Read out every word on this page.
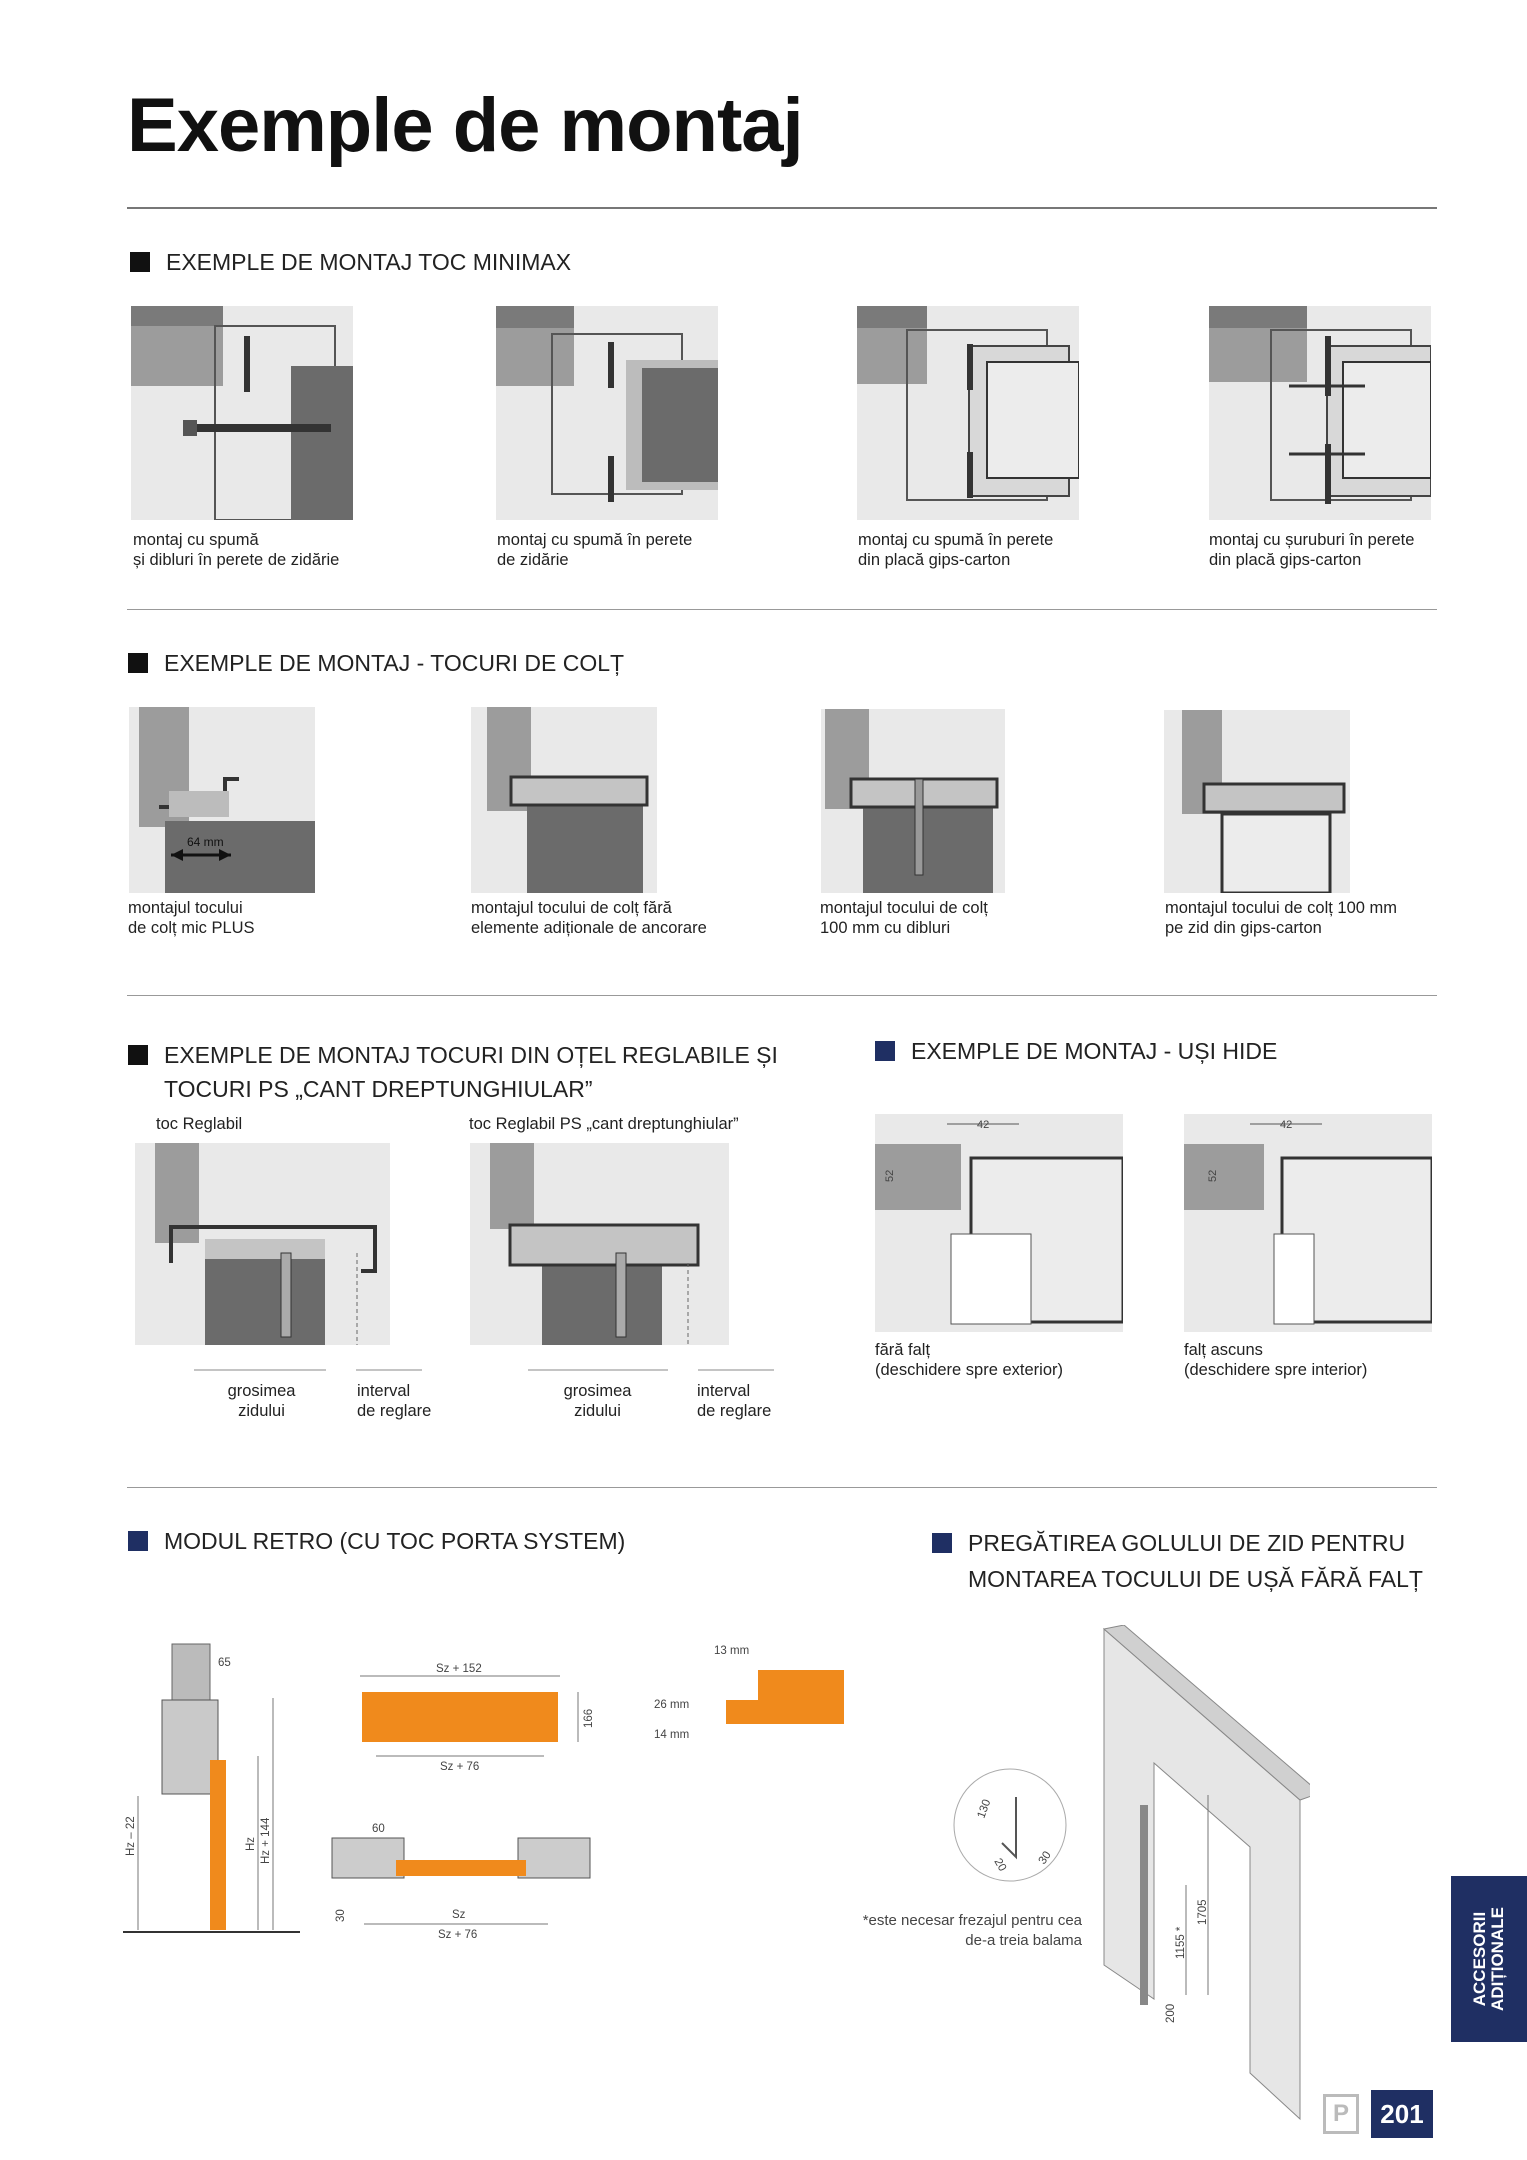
Exemple de montaj
EXEMPLE DE MONTAJ TOC MINIMAX
montaj cu spumă
și dibluri în perete de zidărie
montaj cu spumă în perete
de zidărie
montaj cu spumă în perete
din placă gips-carton
montaj cu șuruburi în perete
din placă gips-carton
EXEMPLE DE MONTAJ - TOCURI DE COLȚ
64 mm
montajul tocului
de colț mic PLUS
montajul tocului de colț fără
elemente adiționale de ancorare
montajul tocului de colț
100 mm cu dibluri
montajul tocului de colț 100 mm
pe zid din gips-carton
EXEMPLE DE MONTAJ TOCURI DIN OȚEL REGLABILE ȘI
TOCURI PS „CANT DREPTUNGHIULAR”
toc Reglabil	toc Reglabil PS „cant dreptunghiular”
grosimea
zidului
interval
de reglare
grosimea
zidului
interval
de reglare
EXEMPLE DE MONTAJ - UȘI HIDE
42
52
42
52
fără falț
(deschidere spre exterior)
falț ascuns
(deschidere spre interior)
MODUL RETRO (CU TOC PORTA SYSTEM)
65
Hz – 22	Hz Hz + 144
Sz + 152
166
Sz + 76
60
30	Sz
Sz + 76
13 mm
26 mm
14 mm
PREGĂTIREA GOLULUI DE ZID PENTRU
MONTAREA TOCULUI DE UȘĂ FĂRĂ FALȚ
130
20 30
1705
1155 *
200
*este necesar frezajul pentru cea
de-a treia balama	ACCESORII
ADIȚIONALE
P	201
